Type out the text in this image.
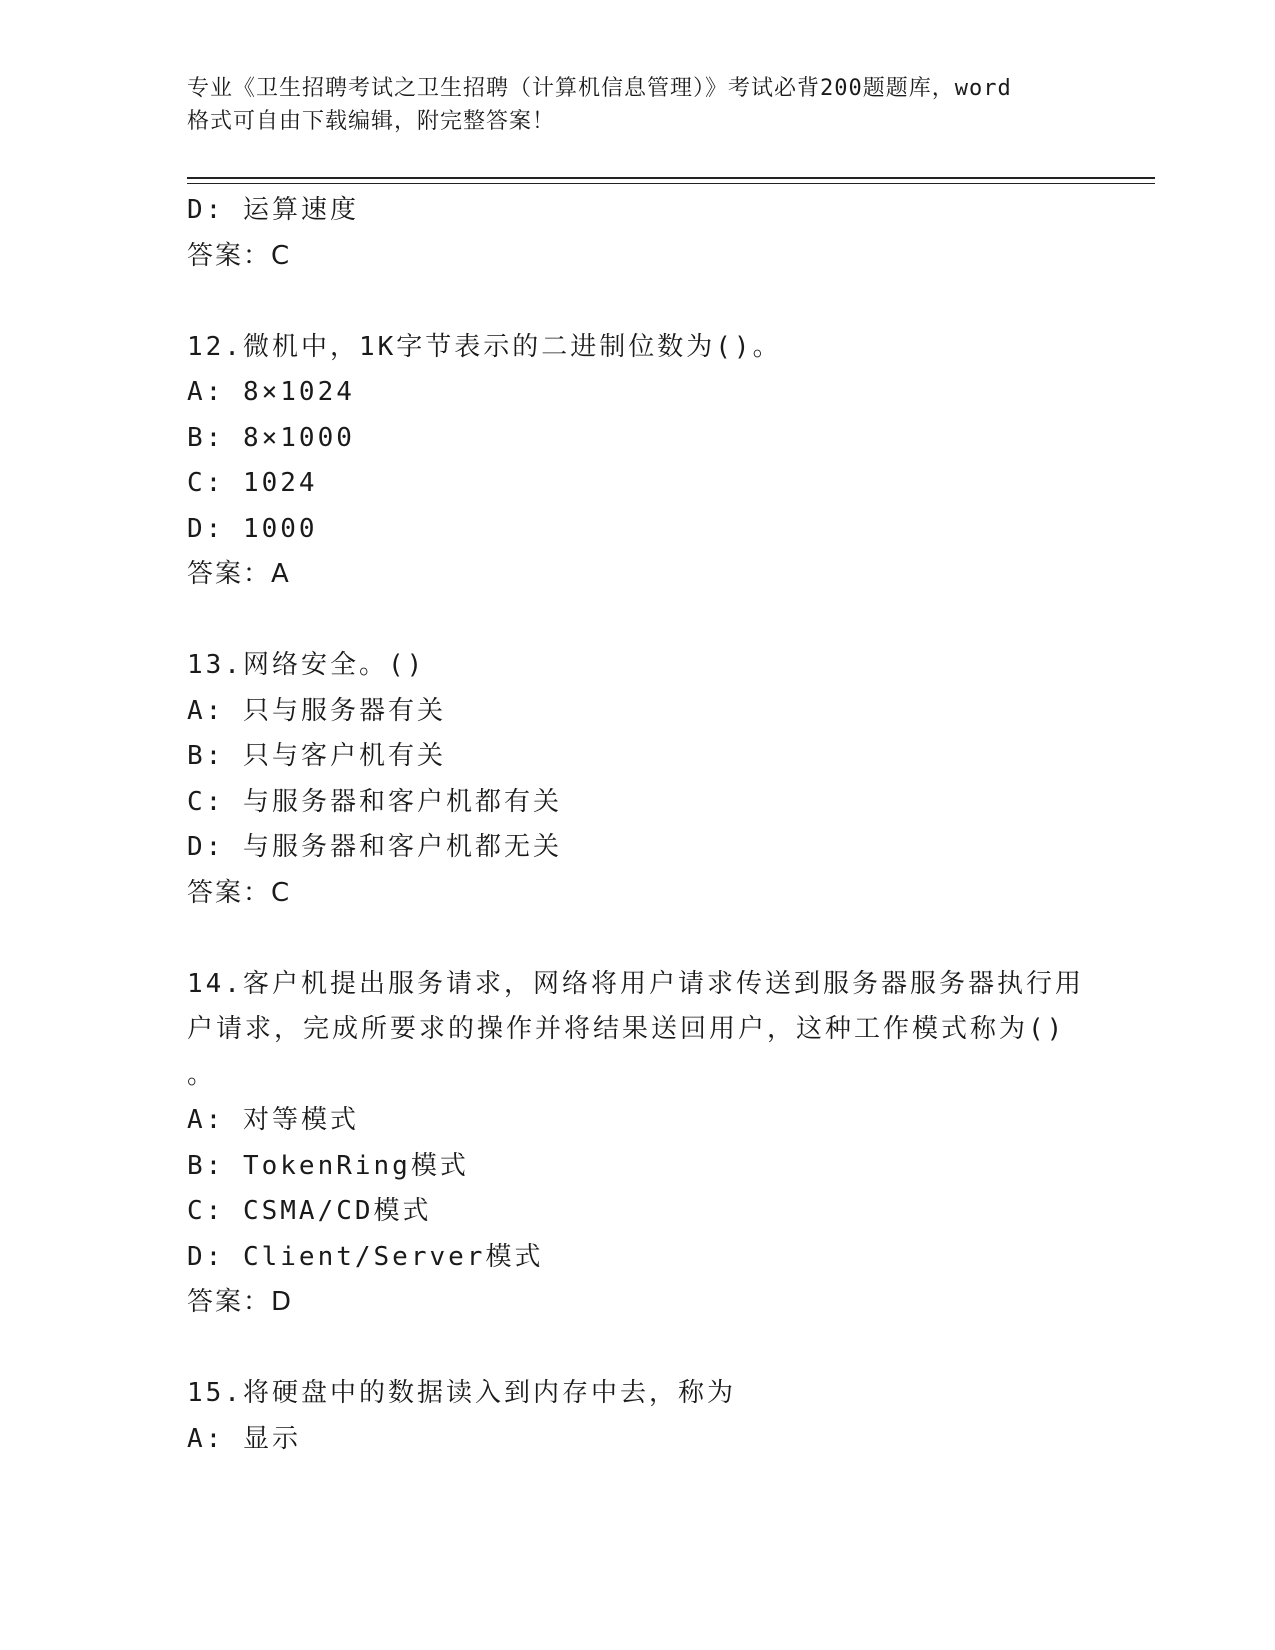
专业《卫生招聘考试之卫生招聘（计算机信息管理）》考试必背200题题库，word
格式可自由下载编辑，附完整答案！

D: 运算速度

答案：C

12.微机中，1K字节表示的二进制位数为()。

A: 8×1024

B: 8×1000

C: 1024

D: 1000

答案：A

13.网络安全。()

A: 只与服务器有关

B: 只与客户机有关

C: 与服务器和客户机都有关

D: 与服务器和客户机都无关

答案：C

14.客户机提出服务请求，网络将用户请求传送到服务器服务器执行用

户请求，完成所要求的操作并将结果送回用户，这种工作模式称为()

。

A: 对等模式

B: TokenRing模式

C: CSMA/CD模式

D: Client/Server模式

答案：D

15.将硬盘中的数据读入到内存中去，称为

A: 显示
